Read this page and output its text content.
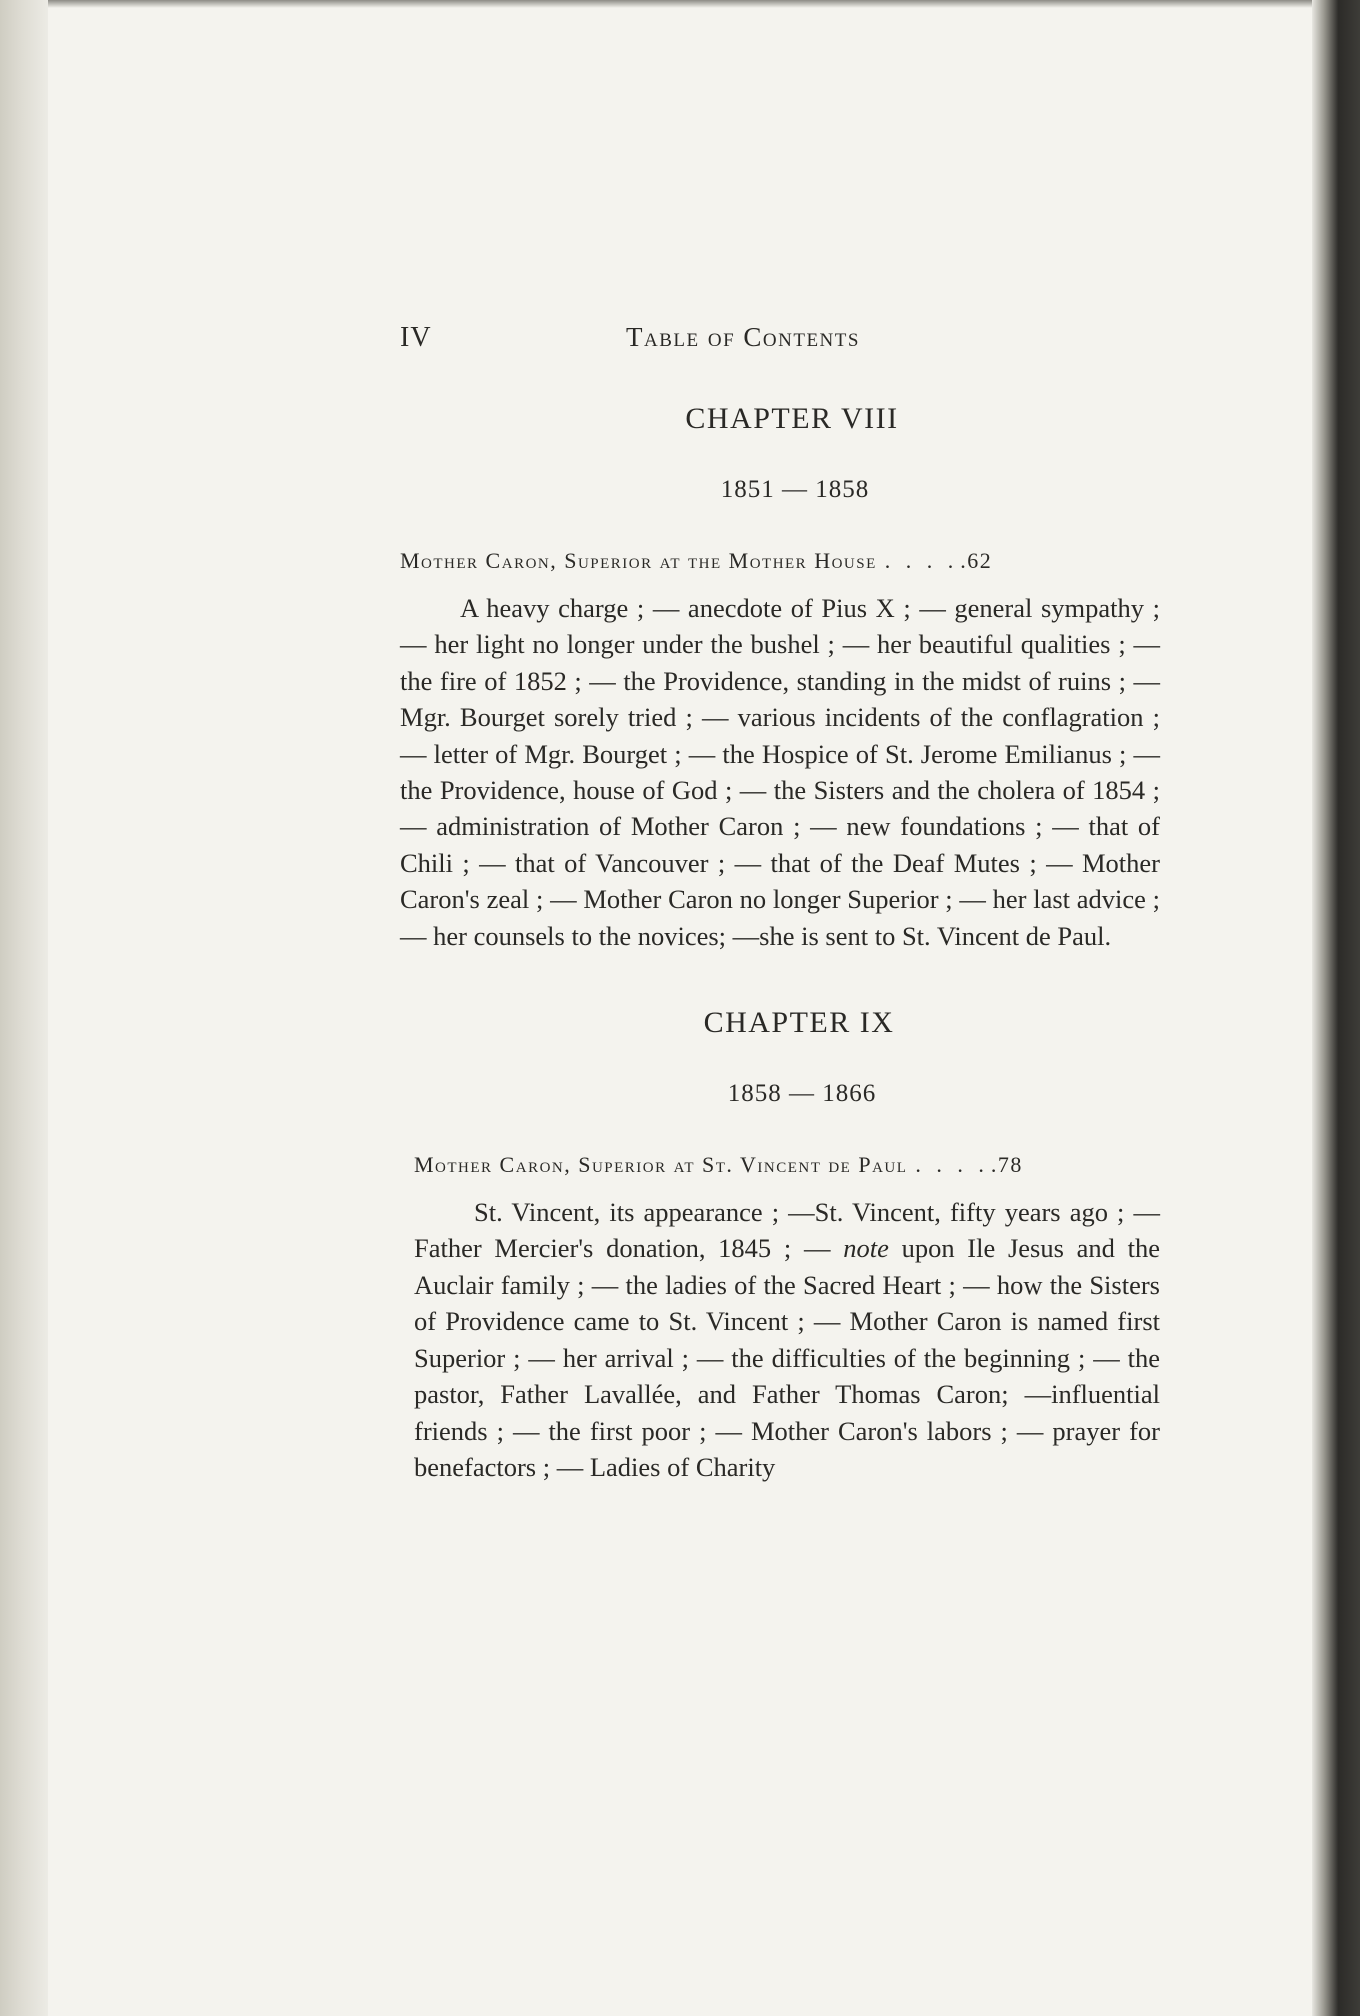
IV	Table of Contents
CHAPTER VIII
1851 — 1858
Mother Caron, Superior at the Mother House . . . . .62

A heavy charge ; — anecdote of Pius X ; — general sympathy ; — her light no longer under the bushel ; — her beautiful qualities ; — the fire of 1852 ; — the Providence, standing in the midst of ruins ; — Mgr. Bourget sorely tried ; — various incidents of the conflagration ; — letter of Mgr. Bourget ; — the Hospice of St. Jerome Emilianus ; — the Providence, house of God ; — the Sisters and the cholera of 1854 ; — administration of Mother Caron ; — new foundations ; — that of Chili ; — that of Vancouver ; — that of the Deaf Mutes ; — Mother Caron's zeal ; — Mother Caron no longer Superior ; — her last advice ; — her counsels to the novices; —she is sent to St. Vincent de Paul.

CHAPTER IX
1858 — 1866
Mother Caron, Superior at St. Vincent de Paul . . . . .78

St. Vincent, its appearance ; —St. Vincent, fifty years ago ; — Father Mercier's donation, 1845 ; — note upon Ile Jesus and the Auclair family ; — the ladies of the Sacred Heart ; — how the Sisters of Providence came to St. Vincent ; — Mother Caron is named first Superior ; — her arrival ; — the difficulties of the beginning ; — the pastor, Father Lavallée, and Father Thomas Caron; —influential friends ; — the first poor ; — Mother Caron's labors ; — prayer for benefactors ; — Ladies of Charity
